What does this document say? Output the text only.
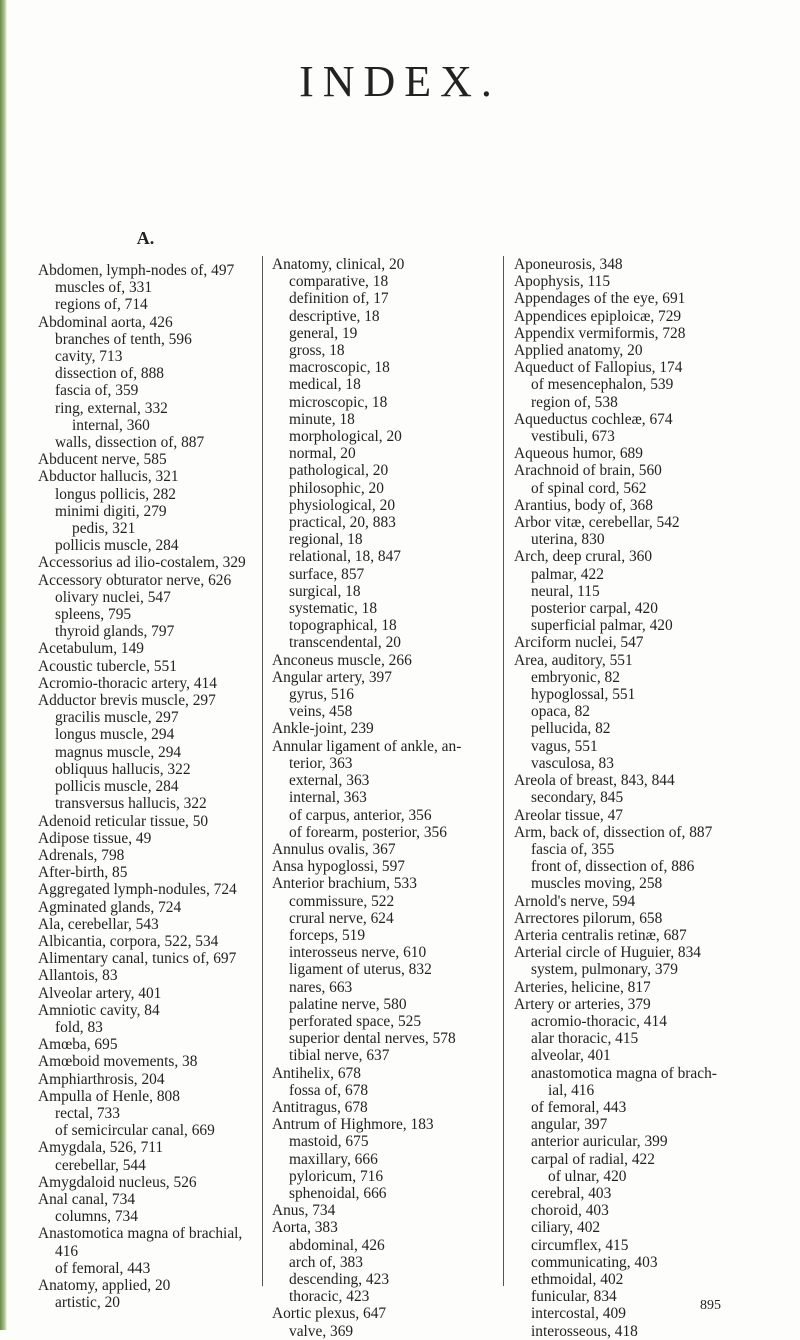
INDEX.
A.
Abdomen, lymph-nodes of, 497
muscles of, 331
regions of, 714
Abdominal aorta, 426
branches of tenth, 596
cavity, 713
dissection of, 888
fascia of, 359
ring, external, 332
internal, 360
walls, dissection of, 887
Abducent nerve, 585
Abductor hallucis, 321
longus pollicis, 282
minimi digiti, 279
pedis, 321
pollicis muscle, 284
Accessorius ad ilio-costalem, 329
Accessory obturator nerve, 626
olivary nuclei, 547
spleens, 795
thyroid glands, 797
Acetabulum, 149
Acoustic tubercle, 551
Acromio-thoracic artery, 414
Adductor brevis muscle, 297
gracilis muscle, 297
longus muscle, 294
magnus muscle, 294
obliquus hallucis, 322
pollicis muscle, 284
transversus hallucis, 322
Adenoid reticular tissue, 50
Adipose tissue, 49
Adrenals, 798
After-birth, 85
Aggregated lymph-nodules, 724
Agminated glands, 724
Ala, cerebellar, 543
Albicantia, corpora, 522, 534
Alimentary canal, tunics of, 697
Allantois, 83
Alveolar artery, 401
Amniotic cavity, 84
fold, 83
Amœba, 695
Amœboid movements, 38
Amphiarthrosis, 204
Ampulla of Henle, 808
rectal, 733
of semicircular canal, 669
Amygdala, 526, 711
cerebellar, 544
Amygdaloid nucleus, 526
Anal canal, 734
columns, 734
Anastomotica magna of brachial,
416
of femoral, 443
Anatomy, applied, 20
artistic, 20
Anatomy, clinical, 20
comparative, 18
definition of, 17
descriptive, 18
general, 19
gross, 18
macroscopic, 18
medical, 18
microscopic, 18
minute, 18
morphological, 20
normal, 20
pathological, 20
philosophic, 20
physiological, 20
practical, 20, 883
regional, 18
relational, 18, 847
surface, 857
surgical, 18
systematic, 18
topographical, 18
transcendental, 20
Anconeus muscle, 266
Angular artery, 397
gyrus, 516
veins, 458
Ankle-joint, 239
Annular ligament of ankle, an-
terior, 363
external, 363
internal, 363
of carpus, anterior, 356
of forearm, posterior, 356
Annulus ovalis, 367
Ansa hypoglossi, 597
Anterior brachium, 533
commissure, 522
crural nerve, 624
forceps, 519
interosseus nerve, 610
ligament of uterus, 832
nares, 663
palatine nerve, 580
perforated space, 525
superior dental nerves, 578
tibial nerve, 637
Antihelix, 678
fossa of, 678
Antitragus, 678
Antrum of Highmore, 183
mastoid, 675
maxillary, 666
pyloricum, 716
sphenoidal, 666
Anus, 734
Aorta, 383
abdominal, 426
arch of, 383
descending, 423
thoracic, 423
Aortic plexus, 647
valve, 369
Aponeurosis, 348
Apophysis, 115
Appendages of the eye, 691
Appendices epiploicæ, 729
Appendix vermiformis, 728
Applied anatomy, 20
Aqueduct of Fallopius, 174
of mesencephalon, 539
region of, 538
Aqueductus cochleæ, 674
vestibuli, 673
Aqueous humor, 689
Arachnoid of brain, 560
of spinal cord, 562
Arantius, body of, 368
Arbor vitæ, cerebellar, 542
uterina, 830
Arch, deep crural, 360
palmar, 422
neural, 115
posterior carpal, 420
superficial palmar, 420
Arciform nuclei, 547
Area, auditory, 551
embryonic, 82
hypoglossal, 551
opaca, 82
pellucida, 82
vagus, 551
vasculosa, 83
Areola of breast, 843, 844
secondary, 845
Areolar tissue, 47
Arm, back of, dissection of, 887
fascia of, 355
front of, dissection of, 886
muscles moving, 258
Arnold's nerve, 594
Arrectores pilorum, 658
Arteria centralis retinæ, 687
Arterial circle of Huguier, 834
system, pulmonary, 379
Arteries, helicine, 817
Artery or arteries, 379
acromio-thoracic, 414
alar thoracic, 415
alveolar, 401
anastomotica magna of brach-
ial, 416
of femoral, 443
angular, 397
anterior auricular, 399
carpal of radial, 422
of ulnar, 420
cerebral, 403
choroid, 403
ciliary, 402
circumflex, 415
communicating, 403
ethmoidal, 402
funicular, 834
intercostal, 409
interosseous, 418
895
